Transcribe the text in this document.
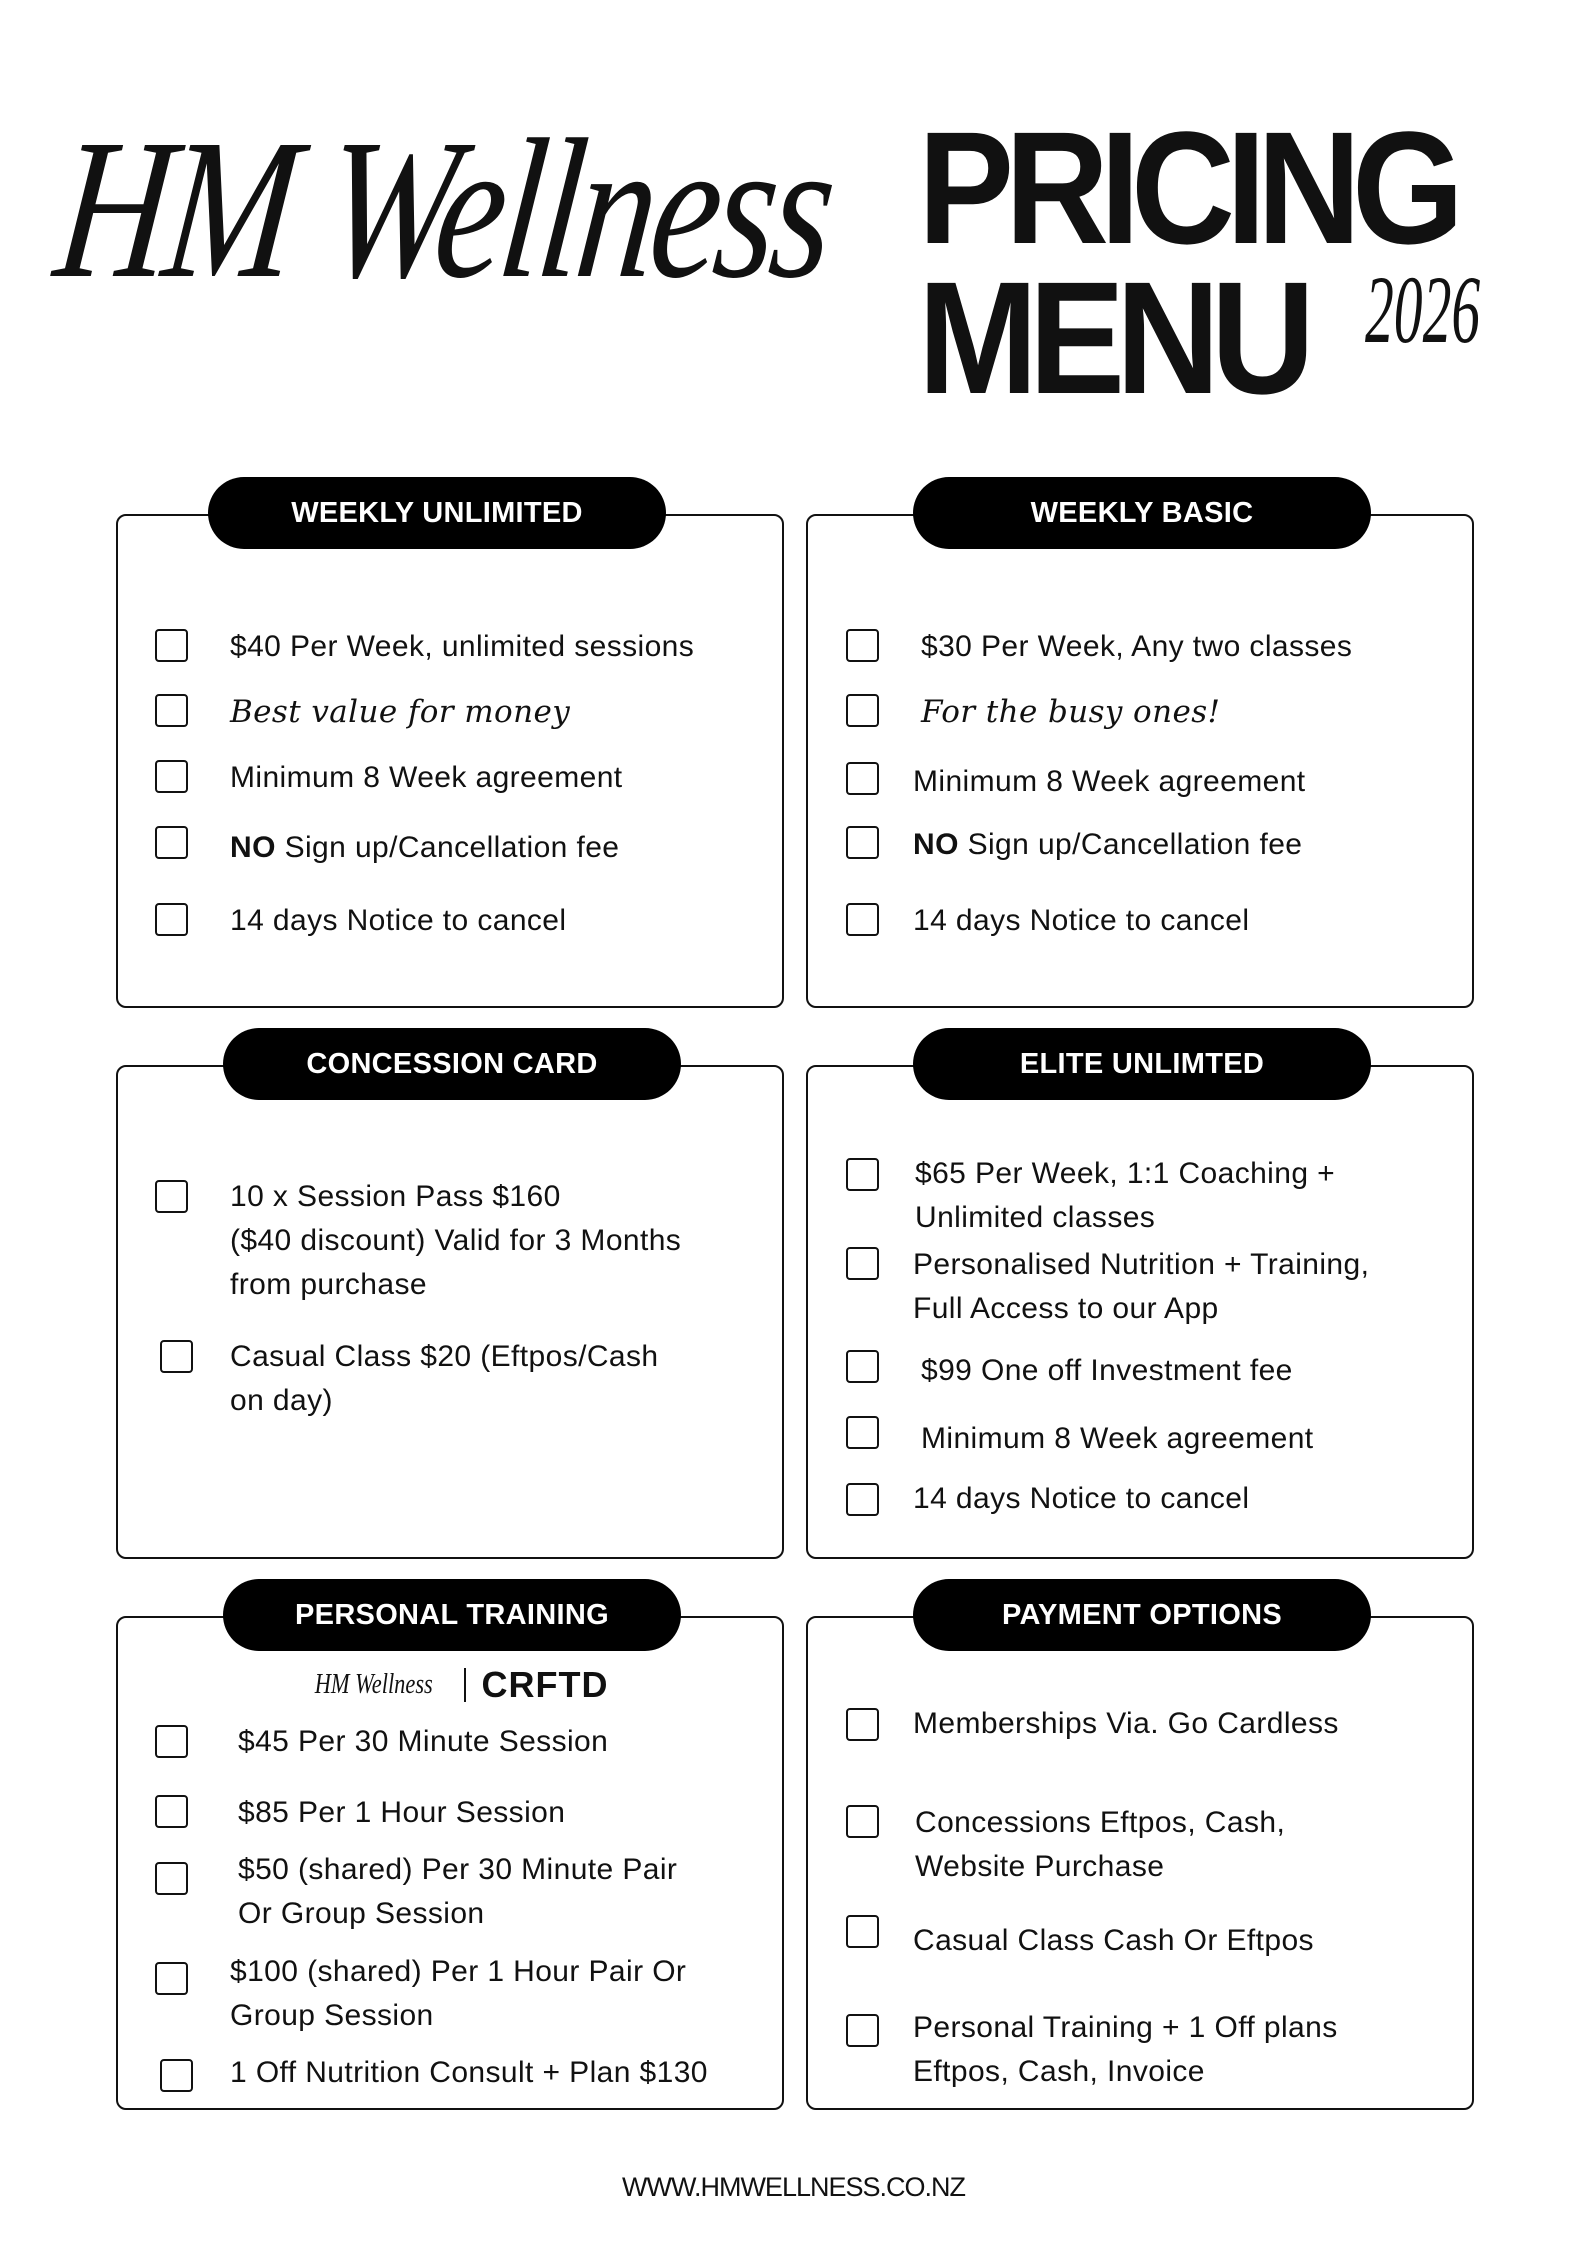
HM Wellness PRICING
MENU 2026
WEEKLY UNLIMITED
$40 Per Week, unlimited sessions
Best value for money
Minimum 8 Week agreement
NO Sign up/Cancellation fee
14 days Notice to cancel
WEEKLY BASIC
$30 Per Week, Any two classes
For the busy ones!
Minimum 8 Week agreement
NO Sign up/Cancellation fee
14 days Notice to cancel
CONCESSION CARD
10 x Session Pass $160
($40 discount) Valid for 3 Months
from purchase
Casual Class $20 (Eftpos/Cash
on day)
ELITE UNLIMTED
$65 Per Week, 1:1 Coaching +
Unlimited classes
Personalised Nutrition + Training,
Full Access to our App
$99 One off Investment fee
Minimum 8 Week agreement
14 days Notice to cancel
PERSONAL TRAINING
HM Wellness CRFTD
$45 Per 30 Minute Session
$85 Per 1 Hour Session
$50 (shared) Per 30 Minute Pair
Or Group Session
$100 (shared) Per 1 Hour Pair Or
Group Session
1 Off Nutrition Consult + Plan $130
PAYMENT OPTIONS
Memberships Via. Go Cardless
Concessions Eftpos, Cash,
Website Purchase
Casual Class Cash Or Eftpos
Personal Training + 1 Off plans
Eftpos, Cash, Invoice
WWW.HMWELLNESS.CO.NZ
